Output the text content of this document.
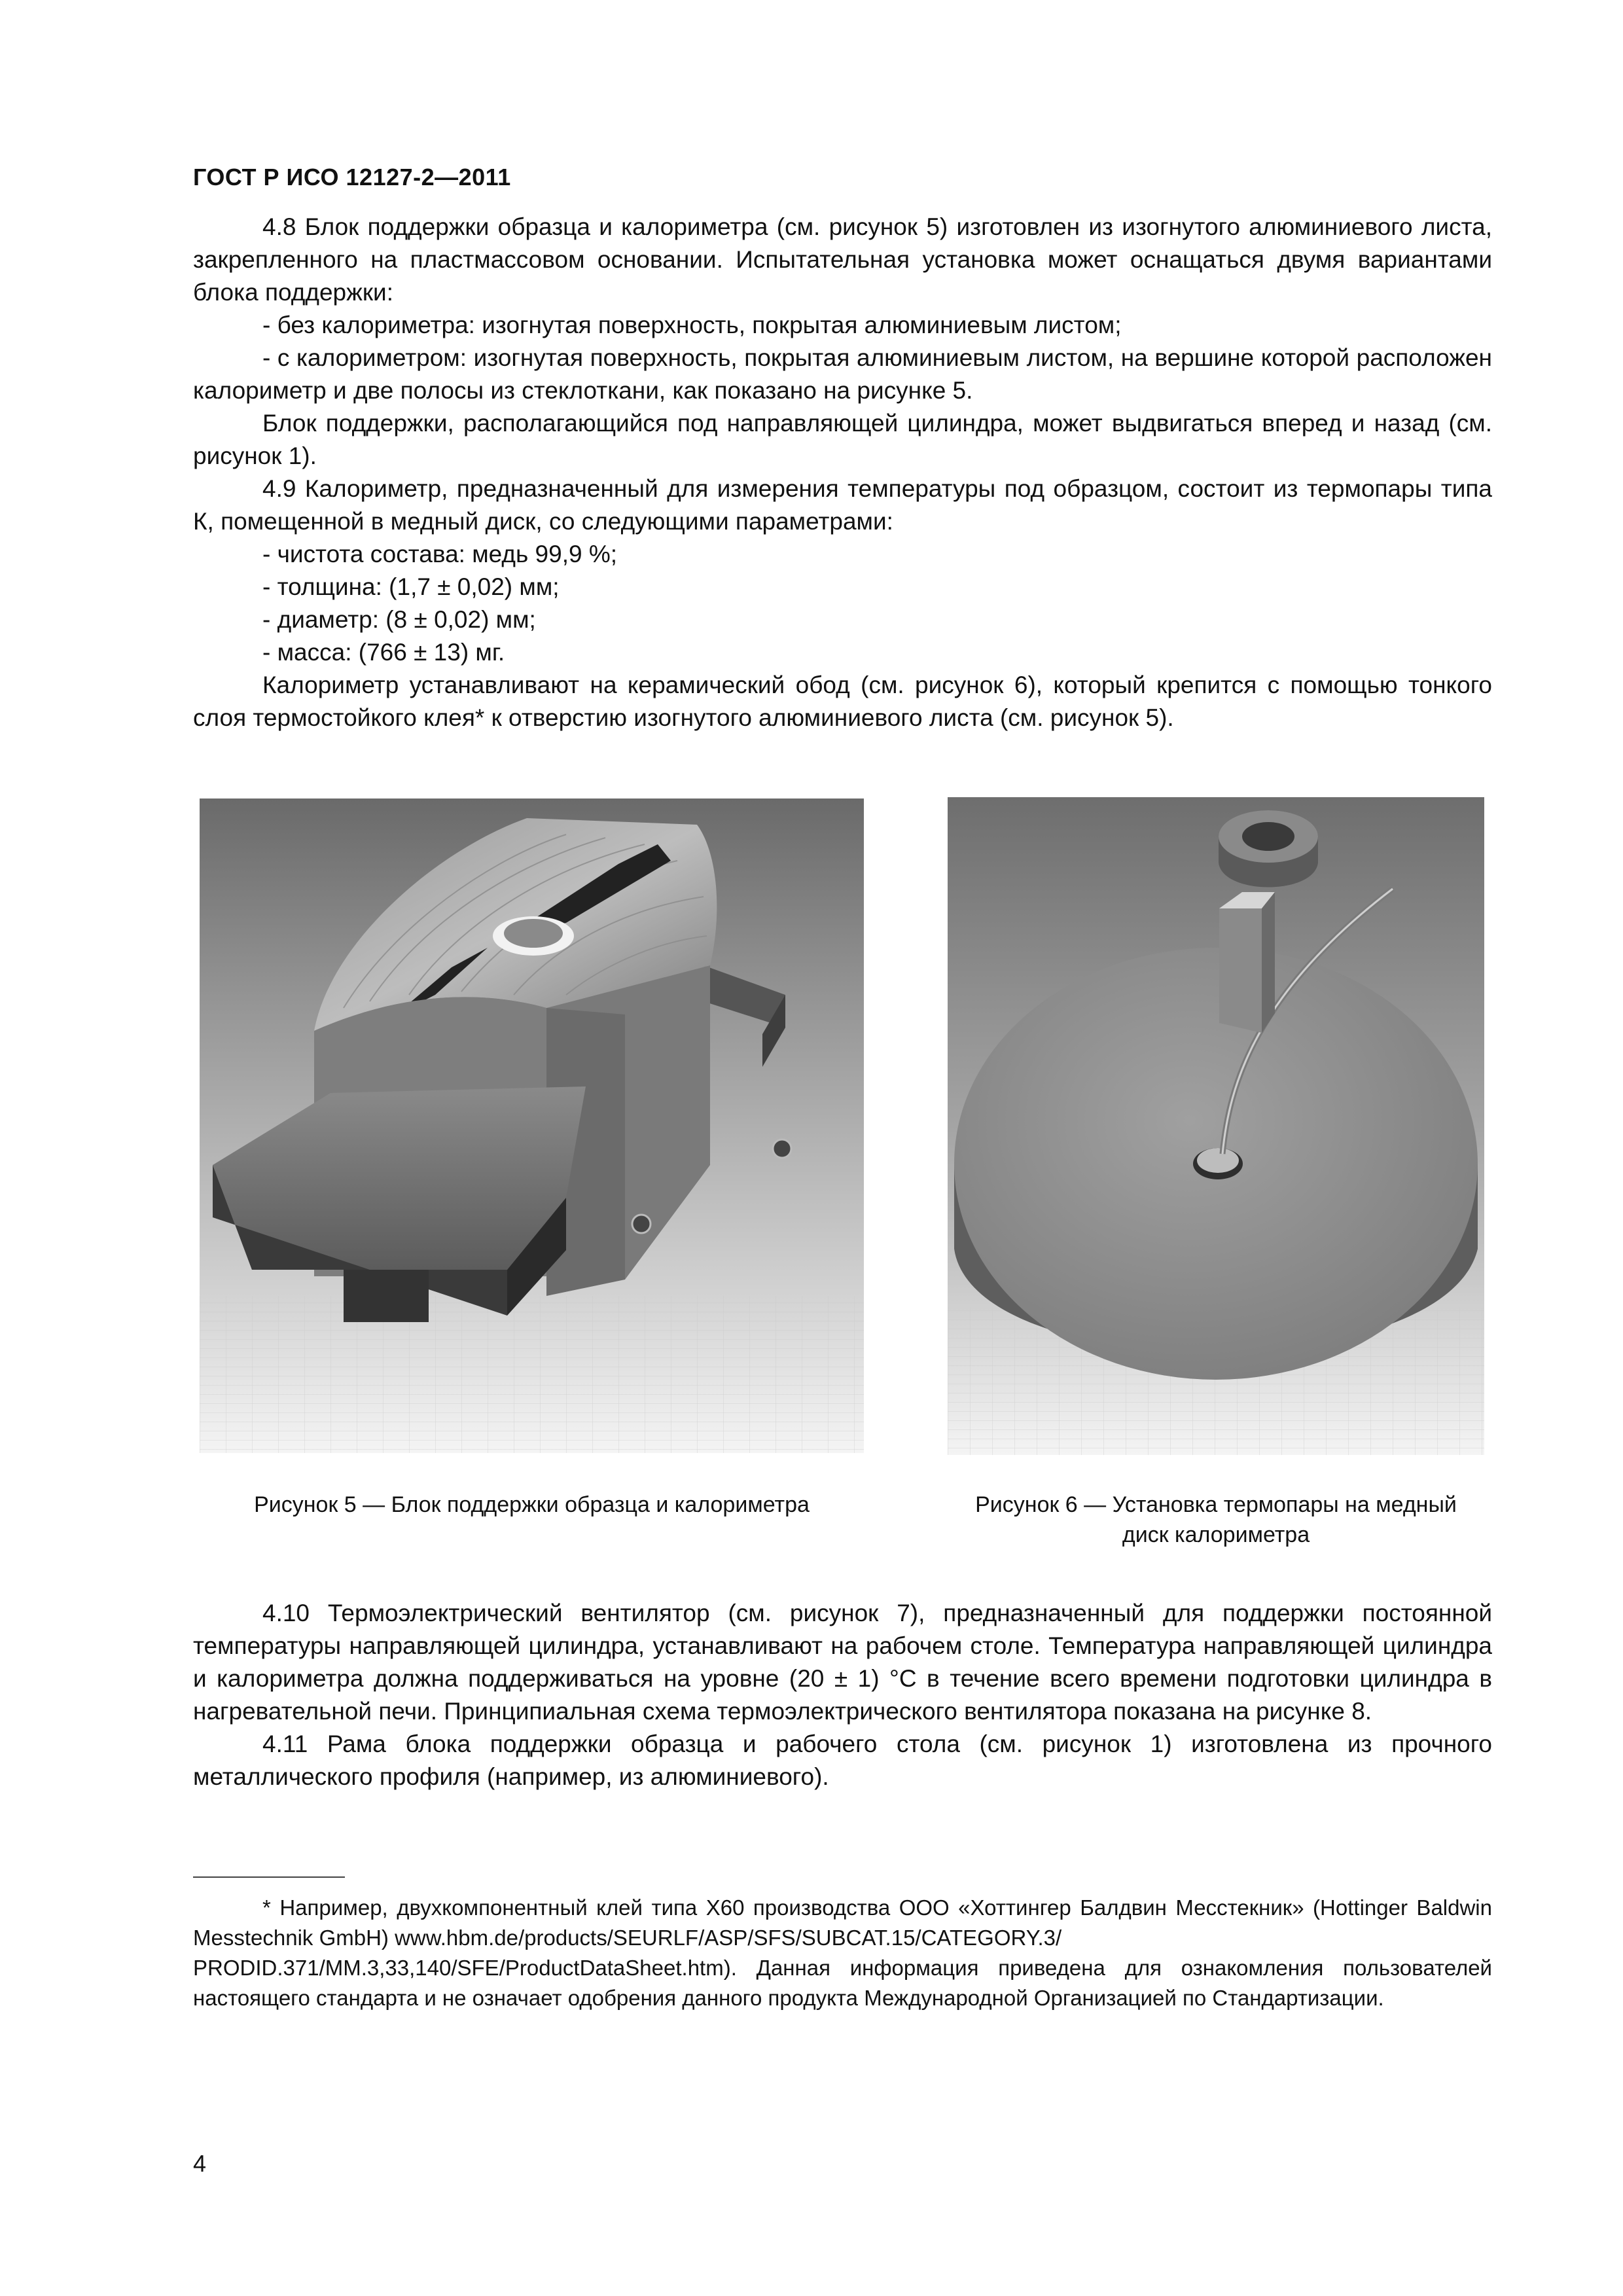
ГОСТ Р ИСО 12127-2—2011

4.8 Блок поддержки образца и калориметра (см. рисунок 5) изготовлен из изогнутого алюминиевого листа, закрепленного на пластмассовом основании. Испытательная установка может оснащаться двумя вариантами блока поддержки:

- без калориметра: изогнутая поверхность, покрытая алюминиевым листом;

- с калориметром: изогнутая поверхность, покрытая алюминиевым листом, на вершине которой расположен калориметр и две полосы из стеклоткани, как показано на рисунке 5.

Блок поддержки, располагающийся под направляющей цилиндра, может выдвигаться вперед и назад (см. рисунок 1).

4.9 Калориметр, предназначенный для измерения температуры под образцом, состоит из термопары типа К, помещенной в медный диск, со следующими параметрами:

- чистота состава: медь 99,9 %;

- толщина: (1,7 ± 0,02) мм;

- диаметр: (8 ± 0,02) мм;

- масса: (766 ± 13) мг.

Калориметр устанавливают на керамический обод (см. рисунок 6), который крепится с помощью тонкого слоя термостойкого клея* к отверстию изогнутого алюминиевого листа (см. рисунок 5).

Рисунок 5 — Блок поддержки образца и калориметра	Рисунок 6 — Установка термопары на медный
диск калориметра

4.10 Термоэлектрический вентилятор (см. рисунок 7), предназначенный для поддержки постоянной температуры направляющей цилиндра, устанавливают на рабочем столе. Температура направляющей цилиндра и калориметра должна поддерживаться на уровне (20 ± 1) °С в течение всего времени подготовки цилиндра в нагревательной печи. Принципиальная схема термоэлектрического вентилятора показана на рисунке 8.

4.11 Рама блока поддержки образца и рабочего стола (см. рисунок 1) изготовлена из прочного металлического профиля (например, из алюминиевого).

* Например, двухкомпонентный клей типа X60 производства ООО «Хоттингер Балдвин Месстекник» (Hottinger Baldwin Messtechnik GmbH) www.hbm.de/products/SEURLF/ASP/SFS/SUBCAT.15/CATEGORY.3/

PRODID.371/MM.3,33,140/SFE/ProductDataSheet.htm). Данная информация приведена для ознакомления пользователей настоящего стандарта и не означает одобрения данного продукта Международной Организацией по Стандартизации.

4
